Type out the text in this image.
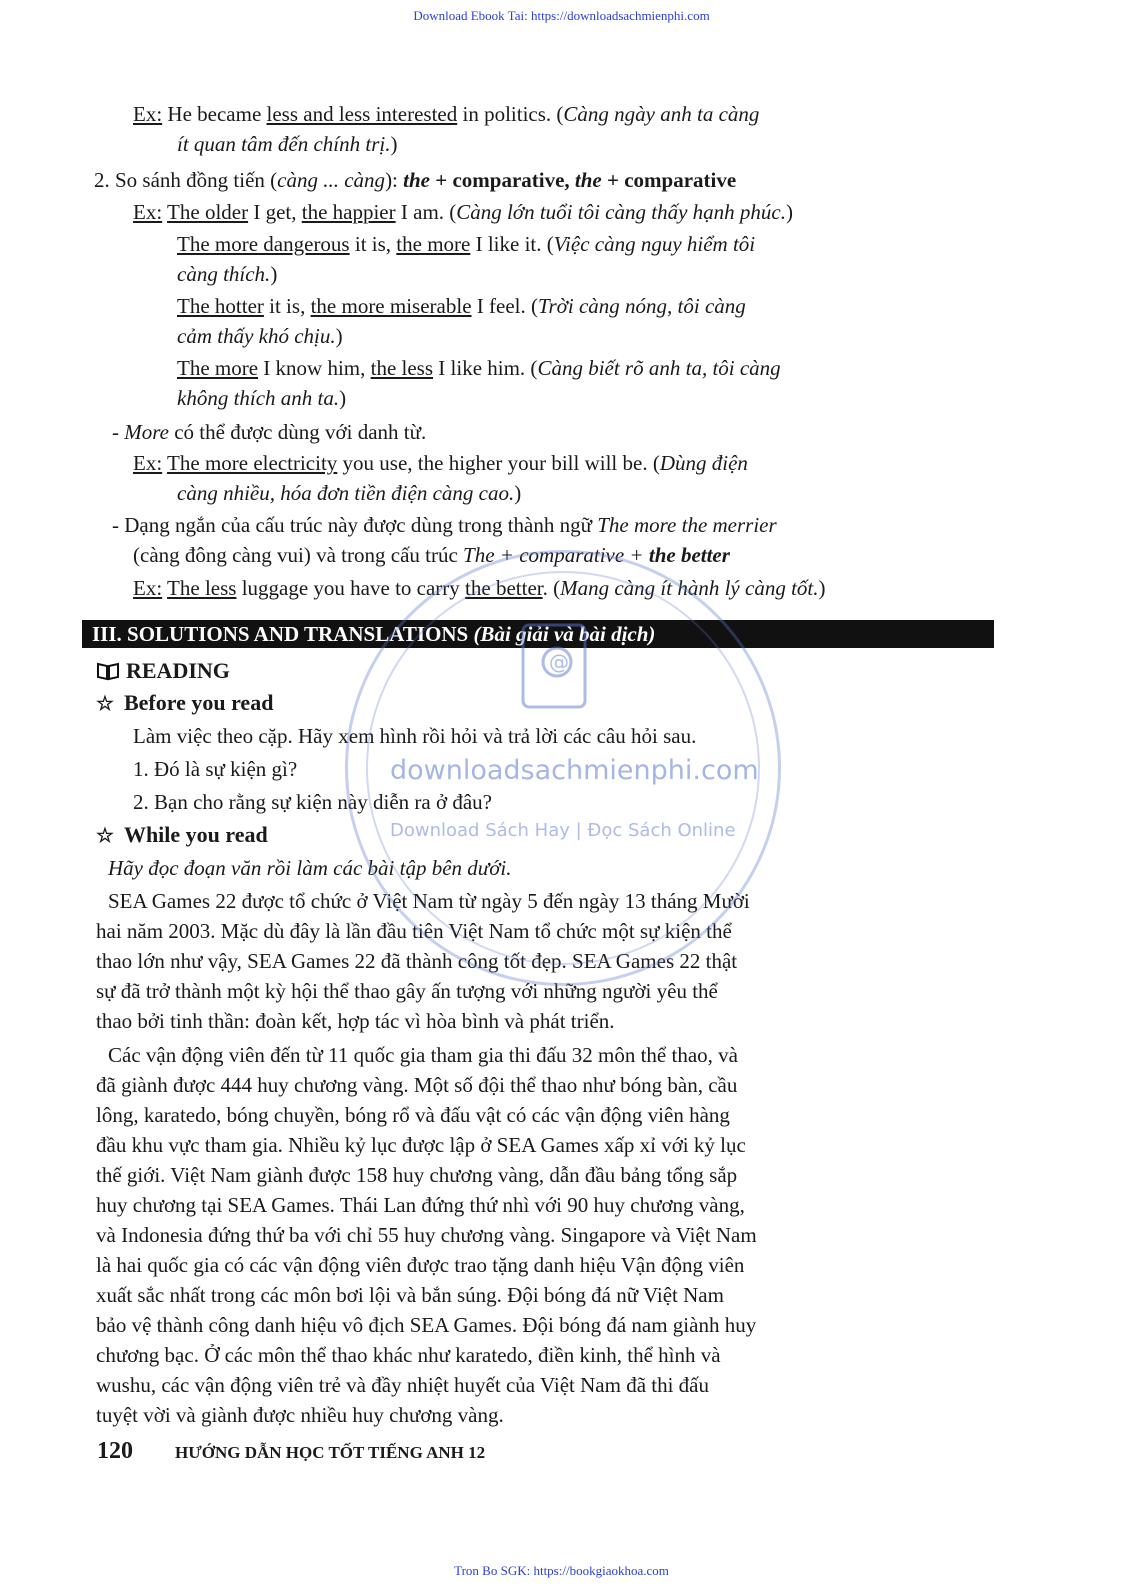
Download Ebook Tai: https://downloadsachmienphi.com
Ex: He became less and less interested in politics. (Càng ngày anh ta càng
ít quan tâm đến chính trị.)
2. So sánh đồng tiến (càng ... càng): the + comparative, the + comparative
Ex: The older I get, the happier I am. (Càng lớn tuổi tôi càng thấy hạnh phúc.)
The more dangerous it is, the more I like it. (Việc càng nguy hiểm tôi
càng thích.)
The hotter it is, the more miserable I feel. (Trời càng nóng, tôi càng
cảm thấy khó chịu.)
The more I know him, the less I like him. (Càng biết rõ anh ta, tôi càng
không thích anh ta.)
- More có thể được dùng với danh từ.
Ex: The more electricity you use, the higher your bill will be. (Dùng điện
càng nhiều, hóa đơn tiền điện càng cao.)
- Dạng ngắn của cấu trúc này được dùng trong thành ngữ The more the merrier
(càng đông càng vui) và trong cấu trúc The + comparative + the better
Ex: The less luggage you have to carry the better. (Mang càng ít hành lý càng tốt.)
III. SOLUTIONS AND TRANSLATIONS (Bài giải và bài dịch)
READING
☆ Before you read
Làm việc theo cặp. Hãy xem hình rồi hỏi và trả lời các câu hỏi sau.
1. Đó là sự kiện gì?
2. Bạn cho rằng sự kiện này diễn ra ở đâu?
☆ While you read
Hãy đọc đoạn văn rồi làm các bài tập bên dưới.
SEA Games 22 được tổ chức ở Việt Nam từ ngày 5 đến ngày 13 tháng Mười
hai năm 2003. Mặc dù đây là lần đầu tiên Việt Nam tổ chức một sự kiện thể
thao lớn như vậy, SEA Games 22 đã thành công tốt đẹp. SEA Games 22 thật
sự đã trở thành một kỳ hội thể thao gây ấn tượng với những người yêu thể
thao bởi tinh thần: đoàn kết, hợp tác vì hòa bình và phát triển.
Các vận động viên đến từ 11 quốc gia tham gia thi đấu 32 môn thể thao, và
đã giành được 444 huy chương vàng. Một số đội thể thao như bóng bàn, cầu
lông, karatedo, bóng chuyền, bóng rổ và đấu vật có các vận động viên hàng
đầu khu vực tham gia. Nhiều kỷ lục được lập ở SEA Games xấp xỉ với kỷ lục
thế giới. Việt Nam giành được 158 huy chương vàng, dẫn đầu bảng tổng sắp
huy chương tại SEA Games. Thái Lan đứng thứ nhì với 90 huy chương vàng,
và Indonesia đứng thứ ba với chỉ 55 huy chương vàng. Singapore và Việt Nam
là hai quốc gia có các vận động viên được trao tặng danh hiệu Vận động viên
xuất sắc nhất trong các môn bơi lội và bắn súng. Đội bóng đá nữ Việt Nam
bảo vệ thành công danh hiệu vô địch SEA Games. Đội bóng đá nam giành huy
chương bạc. Ở các môn thể thao khác như karatedo, điền kinh, thể hình và
wushu, các vận động viên trẻ và đầy nhiệt huyết của Việt Nam đã thi đấu
tuyệt vời và giành được nhiều huy chương vàng.
@
downloadsachmienphi.com
Download Sách Hay | Đọc Sách Online
120 HƯỚNG DẪN HỌC TỐT TIẾNG ANH 12
Tron Bo SGK: https://bookgiaokhoa.com
